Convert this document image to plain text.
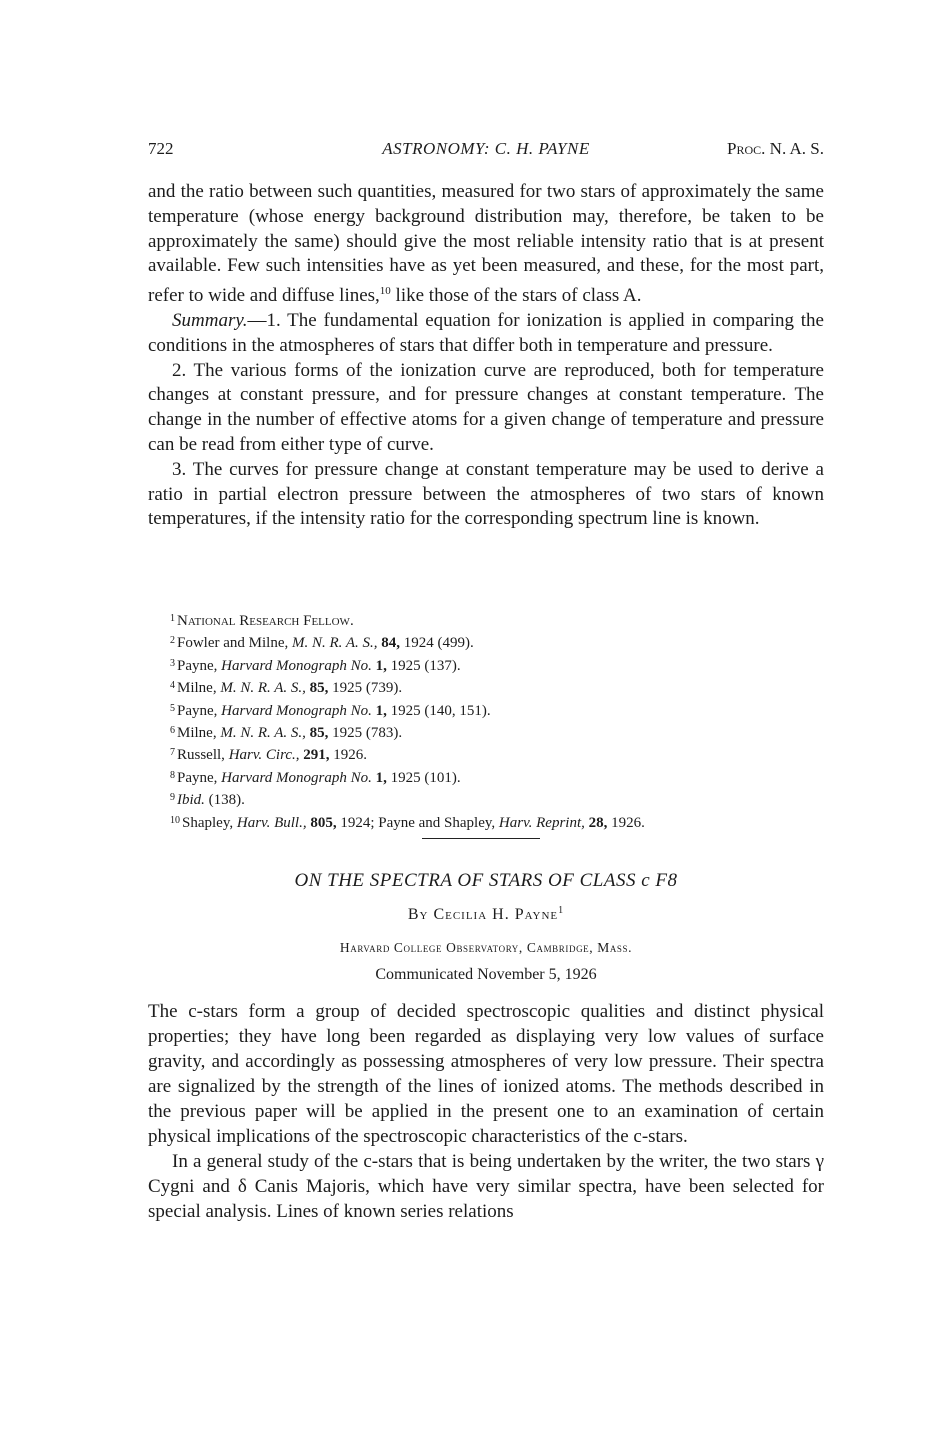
722	ASTRONOMY: C. H. PAYNE	Proc. N. A. S.

and the ratio between such quantities, measured for two stars of approximately the same temperature (whose energy background distribution may, therefore, be taken to be approximately the same) should give the most reliable intensity ratio that is at present available. Few such intensities have as yet been measured, and these, for the most part, refer to wide and diffuse lines,$^{10}$ like those of the stars of class A.

Summary.—1. The fundamental equation for ionization is applied in comparing the conditions in the atmospheres of stars that differ both in temperature and pressure.

2. The various forms of the ionization curve are reproduced, both for temperature changes at constant pressure, and for pressure changes at constant temperature. The change in the number of effective atoms for a given change of temperature and pressure can be read from either type of curve.

3. The curves for pressure change at constant temperature may be used to derive a ratio in partial electron pressure between the atmospheres of two stars of known temperatures, if the intensity ratio for the corresponding spectrum line is known.

$^1$ National Research Fellow.

$^2$ Fowler and Milne, M. N. R. A. S., 84, 1924 (499).

$^3$ Payne, Harvard Monograph No. 1, 1925 (137).

$^4$ Milne, M. N. R. A. S., 85, 1925 (739).

$^5$ Payne, Harvard Monograph No. 1, 1925 (140, 151).

$^6$ Milne, M. N. R. A. S., 85, 1925 (783).

$^7$ Russell, Harv. Circ., 291, 1926.

$^8$ Payne, Harvard Monograph No. 1, 1925 (101).

$^9$ Ibid. (138).

$^{10}$ Shapley, Harv. Bull., 805, 1924; Payne and Shapley, Harv. Reprint, 28, 1926.

ON THE SPECTRA OF STARS OF CLASS c F8
By Cecilia H. Payne$^1$
Harvard College Observatory, Cambridge, Mass.
Communicated November 5, 1926

The c-stars form a group of decided spectroscopic qualities and distinct physical properties; they have long been regarded as displaying very low values of surface gravity, and accordingly as possessing atmospheres of very low pressure. Their spectra are signalized by the strength of the lines of ionized atoms. The methods described in the previous paper will be applied in the present one to an examination of certain physical implications of the spectroscopic characteristics of the c-stars.

In a general study of the c-stars that is being undertaken by the writer, the two stars γ Cygni and δ Canis Majoris, which have very similar spectra, have been selected for special analysis. Lines of known series relations
